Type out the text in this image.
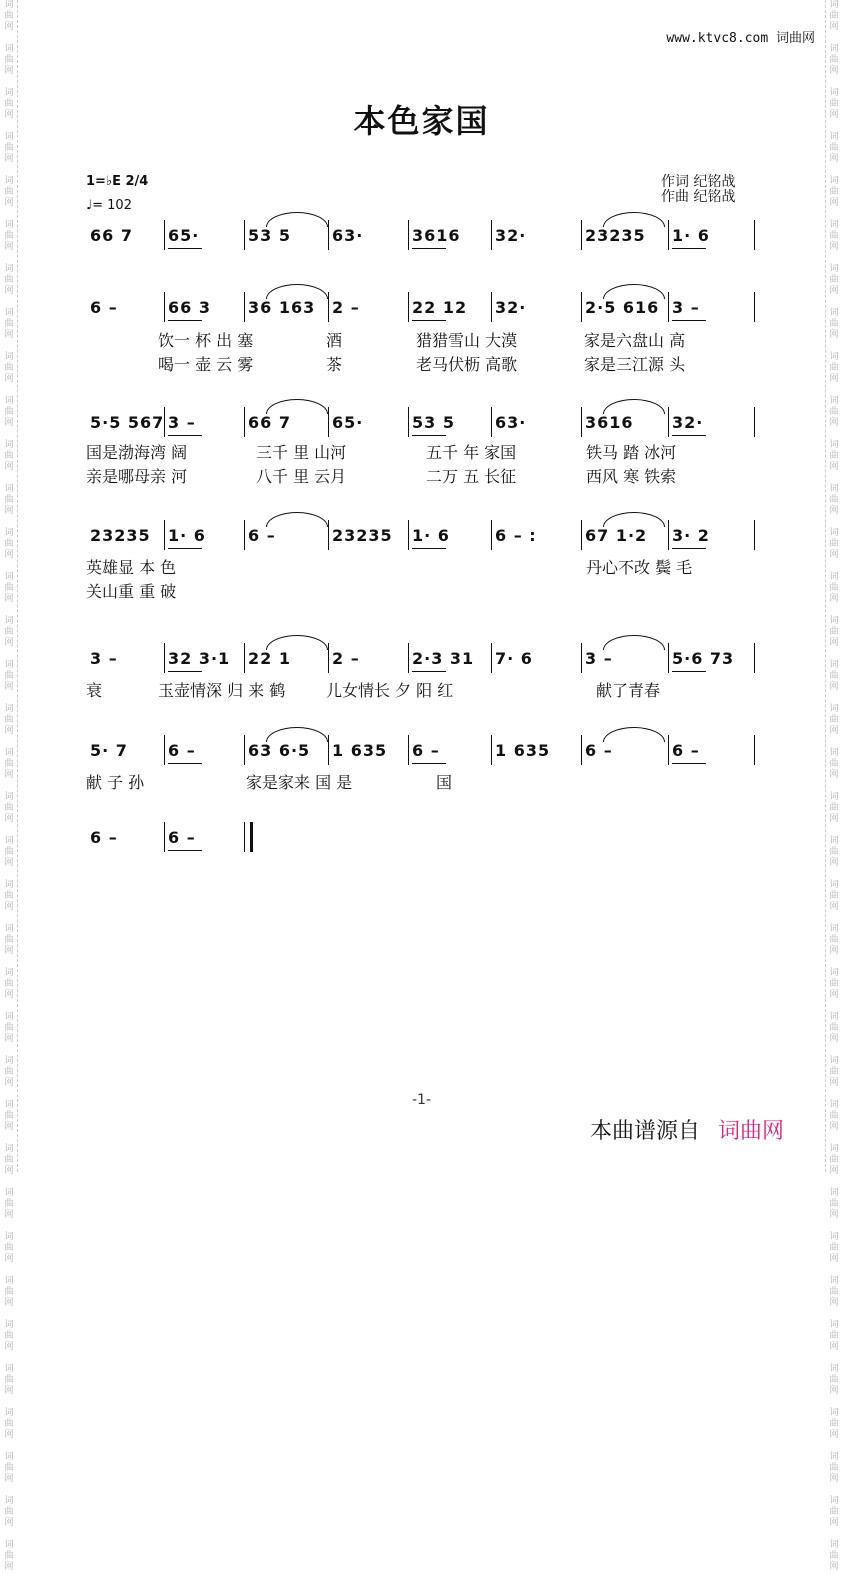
词
曲
网

词
曲
网

词
曲
网

词
曲
网

词
曲
网

词
曲
网

词
曲
网

词
曲
网

词
曲
网

词
曲
网

词
曲
网

词
曲
网

词
曲
网

词
曲
网

词
曲
网

词
曲
网

词
曲
网

词
曲
网

词
曲
网

词
曲
网

词
曲
网

词
曲
网

词
曲
网

词
曲
网

词
曲
网

词
曲
网

词
曲
网

词
曲
网

词
曲
网

词
曲
网

词
曲
网

词
曲
网

词
曲
网

词
曲
网

词
曲
网

词
曲
网

词
曲
网

词
曲
网

词
曲
网

词
曲
网

词
曲
网

词
曲
网

词
曲
网

词
曲
网

词
曲
网

词
曲
网

词
曲
网

词
曲
网

词
曲
网

词
曲
网

词
曲
网

词
曲
网

词
曲
网

词
曲
网

词
曲
网

词
曲
网

词
曲
网

词
曲
网

词
曲
网

词
曲
网

词
曲
网

词
曲
网

词
曲
网

词
曲
网

词
曲
网

词
曲
网

词
曲
网

词
曲
网

词
曲
网

词
曲
网

词
曲
网

词
曲
网

www.ktvc8.com 词曲网
本色家国
1=♭E 2/4
♩= 102
作词 纪铭战
作曲 纪铭战
66 7 65·	53 5	63·	3616 32·	23235 1· 6
6 –	66 3 36 163 2 –	22 12 32·	2·5 616 3 –
5·5 567 3 –	66 7	65·	53 5	63·	3616 32·
23235 1· 6	6 –	23235 1· 6	6 – :	67 1·2 3· 2
3 –	32 3·1 22 1	2 –	2·3 31 7· 6	3 –	5·6 73
5· 7	6 –	63 6·5 1 635 6 –	1 635 6 –	6 –
6 –	6 –
饮一 杯 出 塞	酒	猎猎雪山 大漠	家是六盘山 高
喝一 壶 云 雾	茶	老马伏枥 高歌	家是三江源 头
国是渤海湾 阔	三千 里 山河	五千 年 家国	铁马 踏 冰河
亲是哪母亲 河	八千 里 云月	二万 五 长征	西风 寒 铁索
英雄显 本 色	丹心不改 鬓 毛
关山重 重 破
衰	玉壶情深 归 来 鹤	儿女情长 夕 阳 红	献了青春
献 子 孙	家是家来 国 是	国
-1-
本曲谱源自 词曲网
